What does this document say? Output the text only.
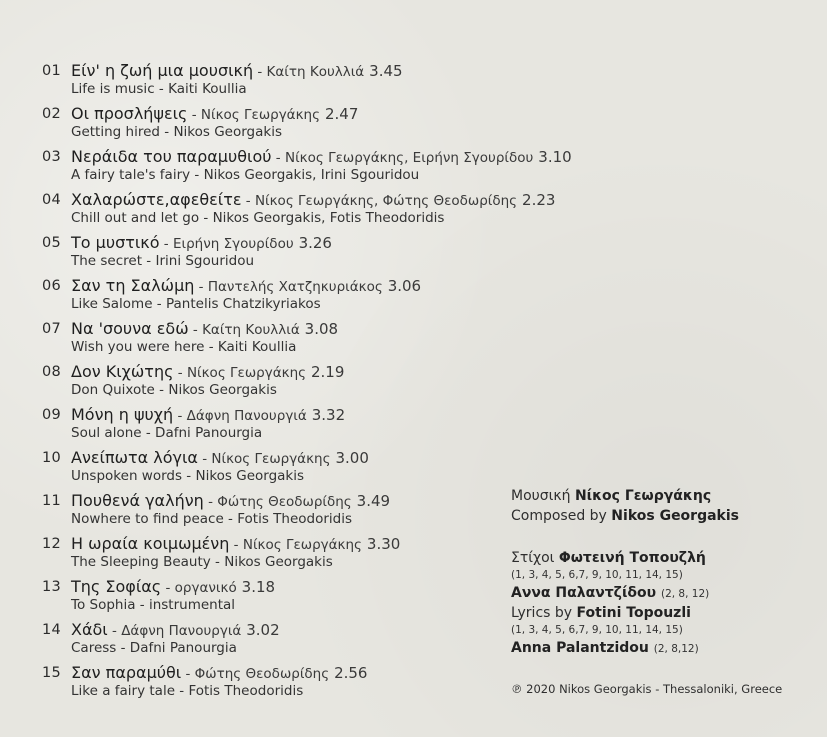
01 Είν' η ζωή μια μουσική - Καίτη Κουλλιά 3.45
Life is music - Kaiti Koullia
02 Οι προσλήψεις - Νίκος Γεωργάκης 2.47
Getting hired - Nikos Georgakis
03 Νεράιδα του παραμυθιού - Νίκος Γεωργάκης, Ειρήνη Σγουρίδου 3.10
A fairy tale's fairy - Nikos Georgakis, Irini Sgouridou
04 Χαλαρώστε,αφεθείτε - Νίκος Γεωργάκης, Φώτης Θεοδωρίδης 2.23
Chill out and let go - Nikos Georgakis, Fotis Theodoridis
05 Το μυστικό - Ειρήνη Σγουρίδου 3.26
The secret - Irini Sgouridou
06 Σαν τη Σαλώμη - Παντελής Χατζηκυριάκος 3.06
Like Salome - Pantelis Chatzikyriakos
07 Να 'σουνα εδώ - Καίτη Κουλλιά 3.08
Wish you were here - Kaiti Koullia
08 Δον Κιχώτης - Νίκος Γεωργάκης 2.19
Don Quixote - Nikos Georgakis
09 Μόνη η ψυχή - Δάφνη Πανουργιά 3.32
Soul alone - Dafni Panourgia
10 Ανείπωτα λόγια - Νίκος Γεωργάκης 3.00
Unspoken words - Nikos Georgakis
11 Πουθενά γαλήνη - Φώτης Θεοδωρίδης 3.49
Nowhere to find peace - Fotis Theodoridis
12 Η ωραία κοιμωμένη - Νίκος Γεωργάκης 3.30
The Sleeping Beauty - Nikos Georgakis
13 Της Σοφίας - οργανικό 3.18
To Sophia - instrumental
14 Χάδι - Δάφνη Πανουργιά 3.02
Caress - Dafni Panourgia
15 Σαν παραμύθι - Φώτης Θεοδωρίδης 2.56
Like a fairy tale - Fotis Theodoridis
Μουσική Νίκος Γεωργάκης
Composed by Nikos Georgakis
Στίχοι Φωτεινή Τοπουζλή
(1, 3, 4, 5, 6,7, 9, 10, 11, 14, 15)
Αννα Παλαντζίδου (2, 8, 12)
Lyrics by Fotini Topouzli
(1, 3, 4, 5, 6,7, 9, 10, 11, 14, 15)
Anna Palantzidou (2, 8,12)
℗ 2020 Nikos Georgakis - Thessaloniki, Greece
